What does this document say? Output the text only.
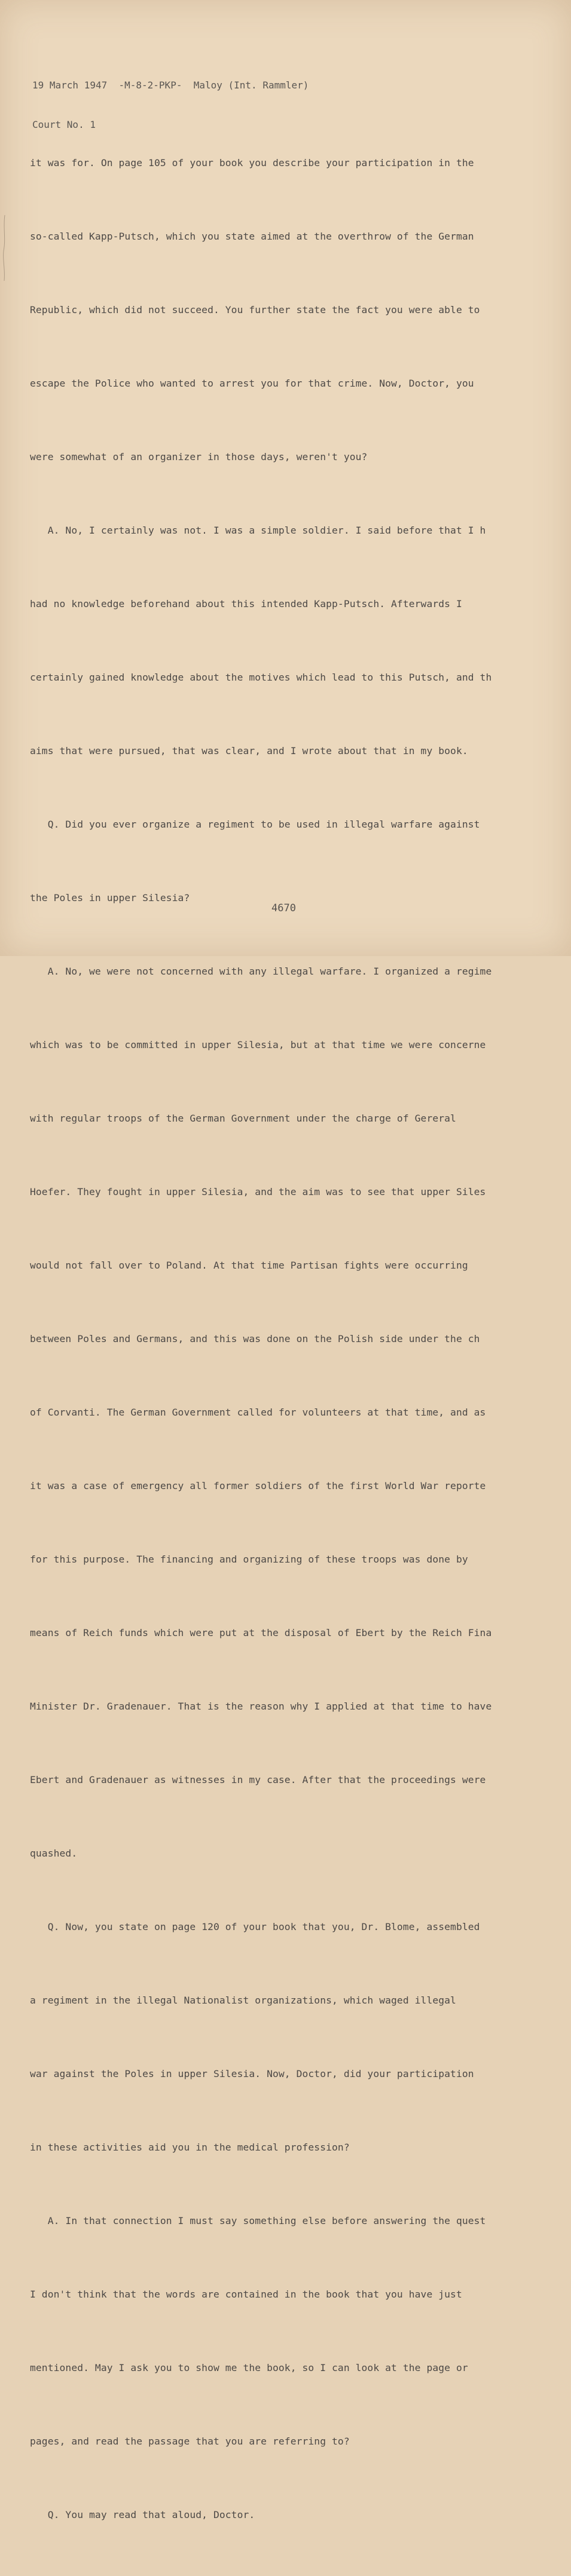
19 March 1947  -M-8-2-PKP-  Maloy (Int. Rammler)

Court No. 1

it was for. On page 105 of your book you describe your participation in the

so-called Kapp-Putsch, which you state aimed at the overthrow of the German

Republic, which did not succeed. You further state the fact you were able to

escape the Police who wanted to arrest you for that crime. Now, Doctor, you

were somewhat of an organizer in those days, weren't you?

A. No, I certainly was not. I was a simple soldier. I said before that I h

had no knowledge beforehand about this intended Kapp-Putsch. Afterwards I

certainly gained knowledge about the motives which lead to this Putsch, and th

aims that were pursued, that was clear, and I wrote about that in my book.

Q. Did you ever organize a regiment to be used in illegal warfare against

the Poles in upper Silesia?

A. No, we were not concerned with any illegal warfare. I organized a regime

which was to be committed in upper Silesia, but at that time we were concerne

with regular troops of the German Government under the charge of Gereral

Hoefer. They fought in upper Silesia, and the aim was to see that upper Siles

would not fall over to Poland. At that time Partisan fights were occurring

between Poles and Germans, and this was done on the Polish side under the ch

of Corvanti. The German Government called for volunteers at that time, and as

it was a case of emergency all former soldiers of the first World War reporte

for this purpose. The financing and organizing of these troops was done by

means of Reich funds which were put at the disposal of Ebert by the Reich Fina

Minister Dr. Gradenauer. That is the reason why I applied at that time to have

Ebert and Gradenauer as witnesses in my case. After that the proceedings were

quashed.

Q. Now, you state on page 120 of your book that you, Dr. Blome, assembled

a regiment in the illegal Nationalist organizations, which waged illegal

war against the Poles in upper Silesia. Now, Doctor, did your participation

in these activities aid you in the medical profession?

A. In that connection I must say something else before answering the quest

I don't think that the words are contained in the book that you have just

mentioned. May I ask you to show me the book, so I can look at the page or

pages, and read the passage that you are referring to?

Q. You may read that aloud, Doctor.

4670
